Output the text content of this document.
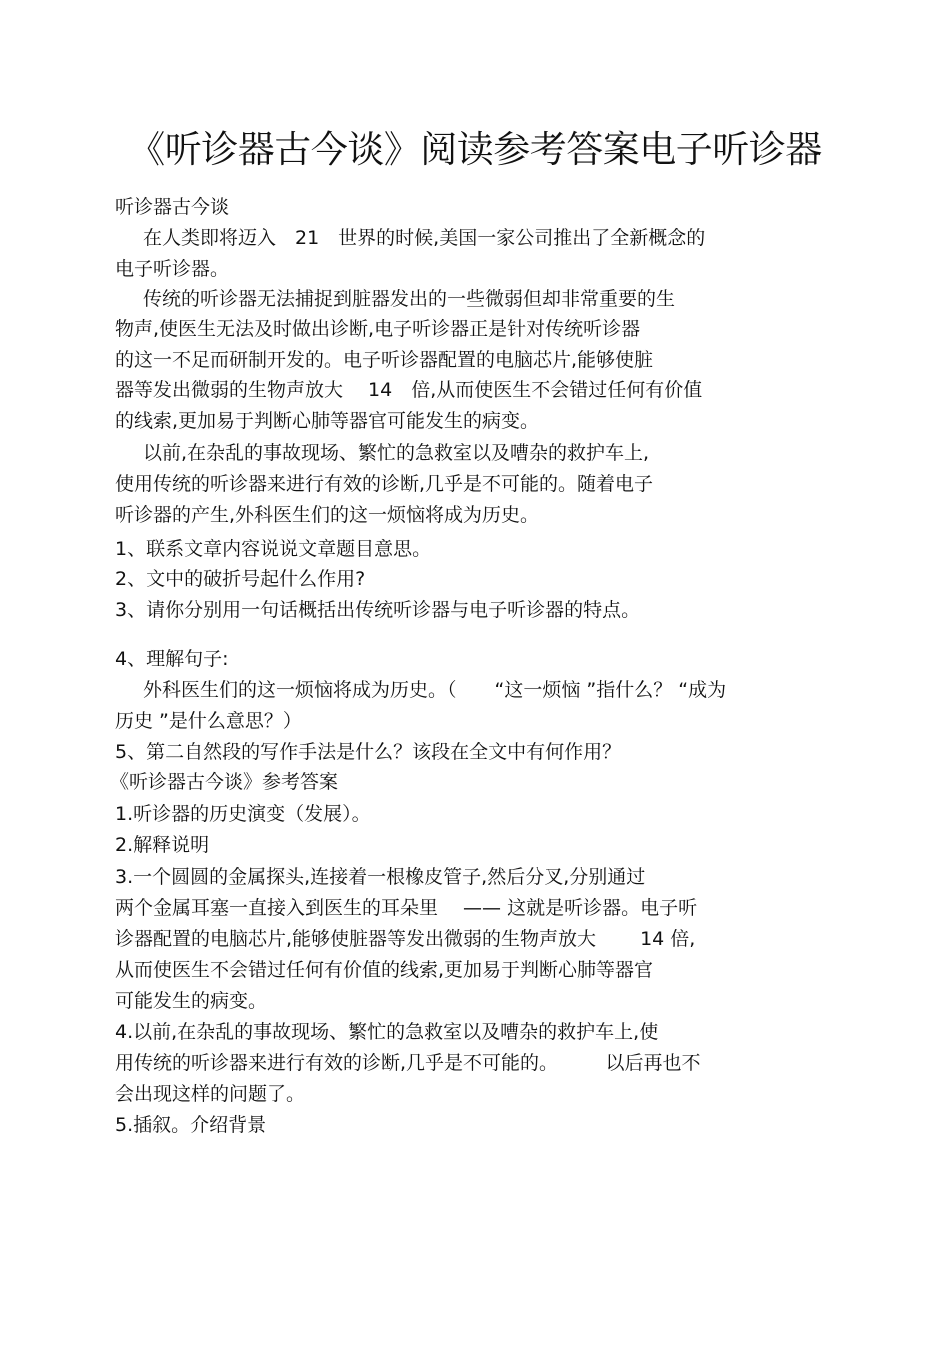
《听诊器古今谈》阅读参考答案电子听诊器
听诊器古今谈
在人类即将迈入　21　世界的时候,美国一家公司推出了全新概念的
电子听诊器。
传统的听诊器无法捕捉到脏器发出的一些微弱但却非常重要的生
物声,使医生无法及时做出诊断,电子听诊器正是针对传统听诊器
的这一不足而研制开发的。电子听诊器配置的电脑芯片,能够使脏
器等发出微弱的生物声放大　 14　倍,从而使医生不会错过任何有价值
的线索,更加易于判断心肺等器官可能发生的病变。
以前,在杂乱的事故现场、繁忙的急救室以及嘈杂的救护车上,
使用传统的听诊器来进行有效的诊断,几乎是不可能的。随着电子
听诊器的产生,外科医生们的这一烦恼将成为历史。
1、联系文章内容说说文章题目意思。
2、文中的破折号起什么作用?
3、请你分别用一句话概括出传统听诊器与电子听诊器的特点。
4、理解句子:
外科医生们的这一烦恼将成为历史。（　　“这一烦恼 ”指什么？ “成为
历史 ”是什么意思？）
5、第二自然段的写作手法是什么？该段在全文中有何作用？
《听诊器古今谈》参考答案
1.听诊器的历史演变（发展）。
2.解释说明
3.一个圆圆的金属探头,连接着一根橡皮管子,然后分叉,分别通过
两个金属耳塞一直接入到医生的耳朵里　 —— 这就是听诊器。电子听
诊器配置的电脑芯片,能够使脏器等发出微弱的生物声放大　　 14 倍,
从而使医生不会错过任何有价值的线索,更加易于判断心肺等器官
可能发生的病变。
4.以前,在杂乱的事故现场、繁忙的急救室以及嘈杂的救护车上,使
用传统的听诊器来进行有效的诊断,几乎是不可能的。　　　以后再也不
会出现这样的问题了。
5.插叙。介绍背景
